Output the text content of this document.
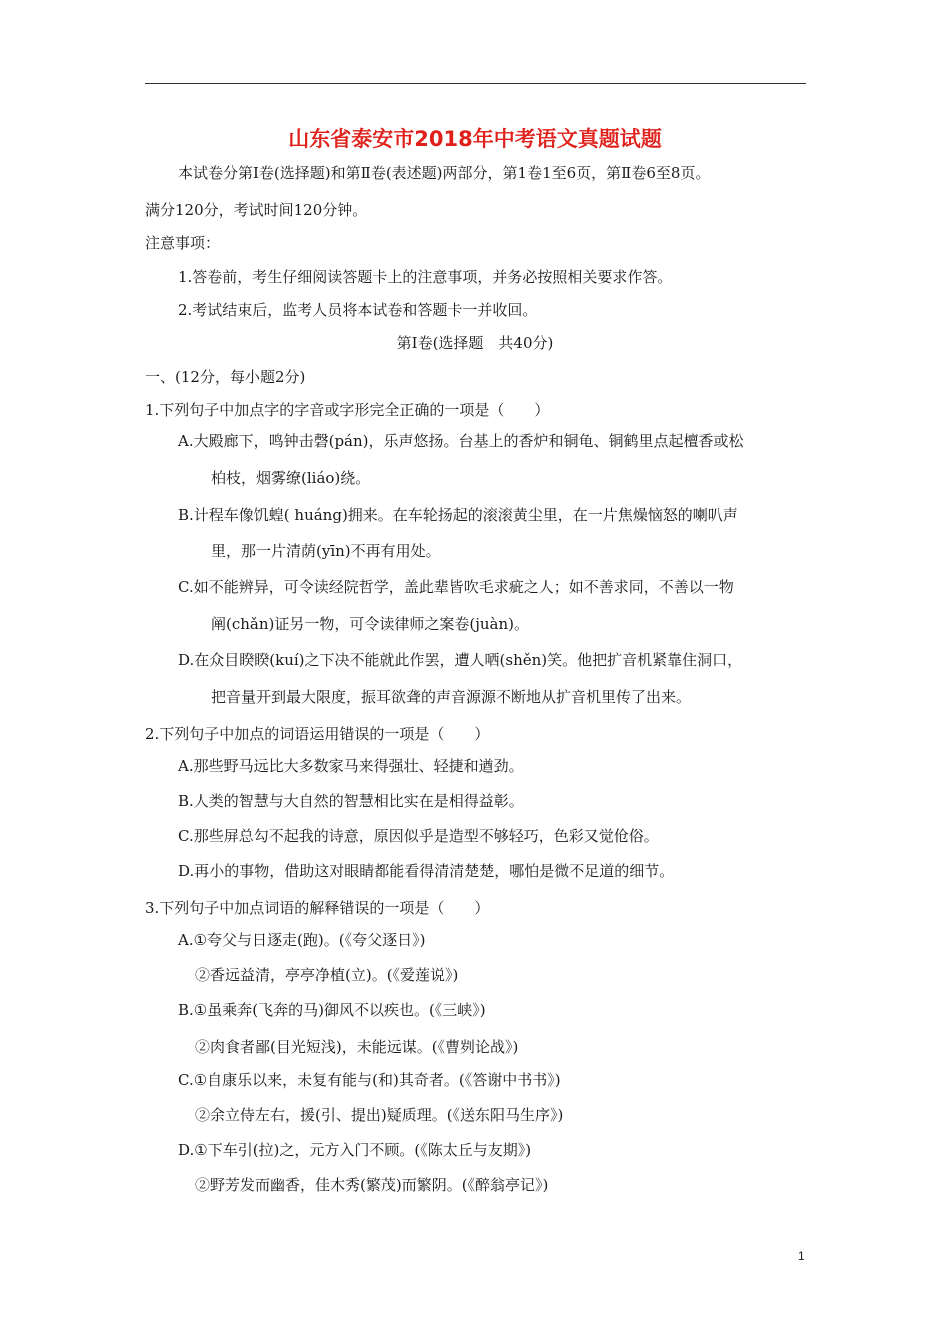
山东省泰安市2018年中考语文真题试题
本试卷分第Ⅰ卷(选择题)和第Ⅱ卷(表述题)两部分，第1卷1至6页，第Ⅱ卷6至8页。
满分120分，考试时间120分钟。
注意事项：
1.答卷前，考生仔细阅读答题卡上的注意事项，并务必按照相关要求作答。
2.考试结束后，监考人员将本试卷和答题卡一并收回。
第Ⅰ卷(选择题　共40分)
一、(12分，每小题2分)
1.下列句子中加点字的字音或字形完全正确的一项是（　　）
A.大殿廊下，鸣钟击磬(pán)，乐声悠扬。台基上的香炉和铜龟、铜鹤里点起檀香或松
柏枝，烟雾缭(liáo)绕。
B.计程车像饥蝗( huáng)拥来。在车轮扬起的滚滚黄尘里，在一片焦燥恼怒的喇叭声
里，那一片清荫(yīn)不再有用处。
C.如不能辨异，可令读经院哲学，盖此辈皆吹毛求疵之人；如不善求同，不善以一物
阐(chǎn)证另一物，可令读律师之案卷(juàn)。
D.在众目睽睽(kuí)之下决不能就此作罢，遭人哂(shěn)笑。他把扩音机紧靠住洞口，
把音量开到最大限度，振耳欲聋的声音源源不断地从扩音机里传了出来。
2.下列句子中加点的词语运用错误的一项是（　　）
A.那些野马远比大多数家马来得强壮、轻捷和遒劲。
B.人类的智慧与大自然的智慧相比实在是相得益彰。
C.那些屏总勾不起我的诗意，原因似乎是造型不够轻巧，色彩又觉伧俗。
D.再小的事物，借助这对眼睛都能看得清清楚楚，哪怕是微不足道的细节。
3.下列句子中加点词语的解释错误的一项是（　　）
A.①夸父与日逐走(跑)。(《夸父逐日》)
②香远益清，亭亭净植(立)。(《爱莲说》)
B.①虽乘奔(飞奔的马)御风不以疾也。(《三峡》)
②肉食者鄙(目光短浅)，未能远谋。(《曹刿论战》)
C.①自康乐以来，未复有能与(和)其奇者。(《答谢中书书》)
②余立侍左右，援(引、提出)疑质理。(《送东阳马生序》)
D.①下车引(拉)之，元方入门不顾。(《陈太丘与友期》)
②野芳发而幽香，佳木秀(繁茂)而繁阴。(《醉翁亭记》)
1
